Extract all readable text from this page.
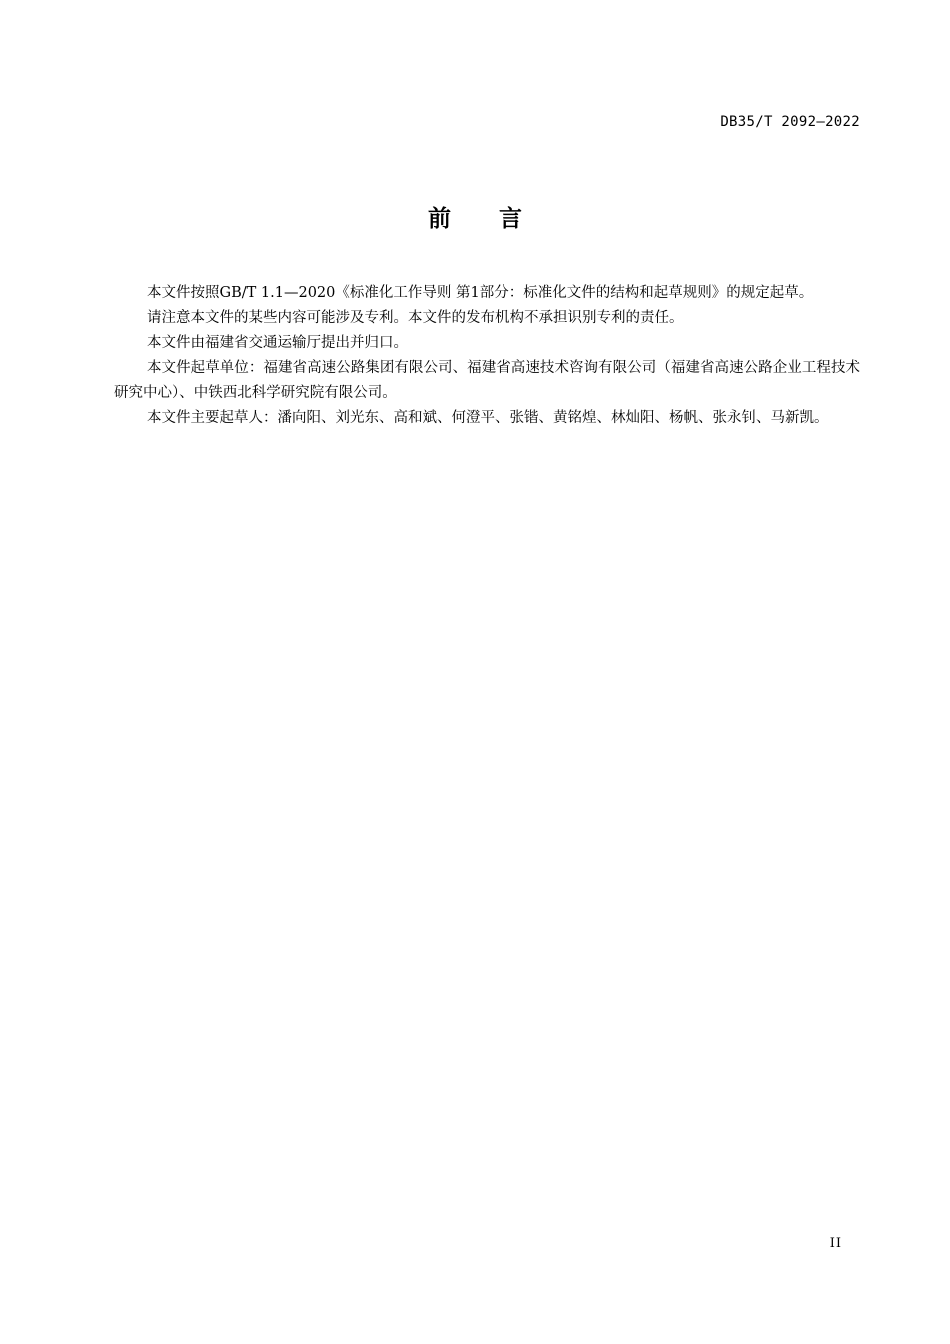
DB35/T 2092—2022
前 言

本文件按照GB/T 1.1—2020《标准化工作导则 第1部分：标准化文件的结构和起草规则》的规定起草。

请注意本文件的某些内容可能涉及专利。本文件的发布机构不承担识别专利的责任。

本文件由福建省交通运输厅提出并归口。

本文件起草单位：福建省高速公路集团有限公司、福建省高速技术咨询有限公司（福建省高速公路企业工程技术研究中心）、中铁西北科学研究院有限公司。

本文件主要起草人：潘向阳、刘光东、高和斌、何澄平、张锴、黄铭煌、林灿阳、杨帆、张永钊、马新凯。

II
